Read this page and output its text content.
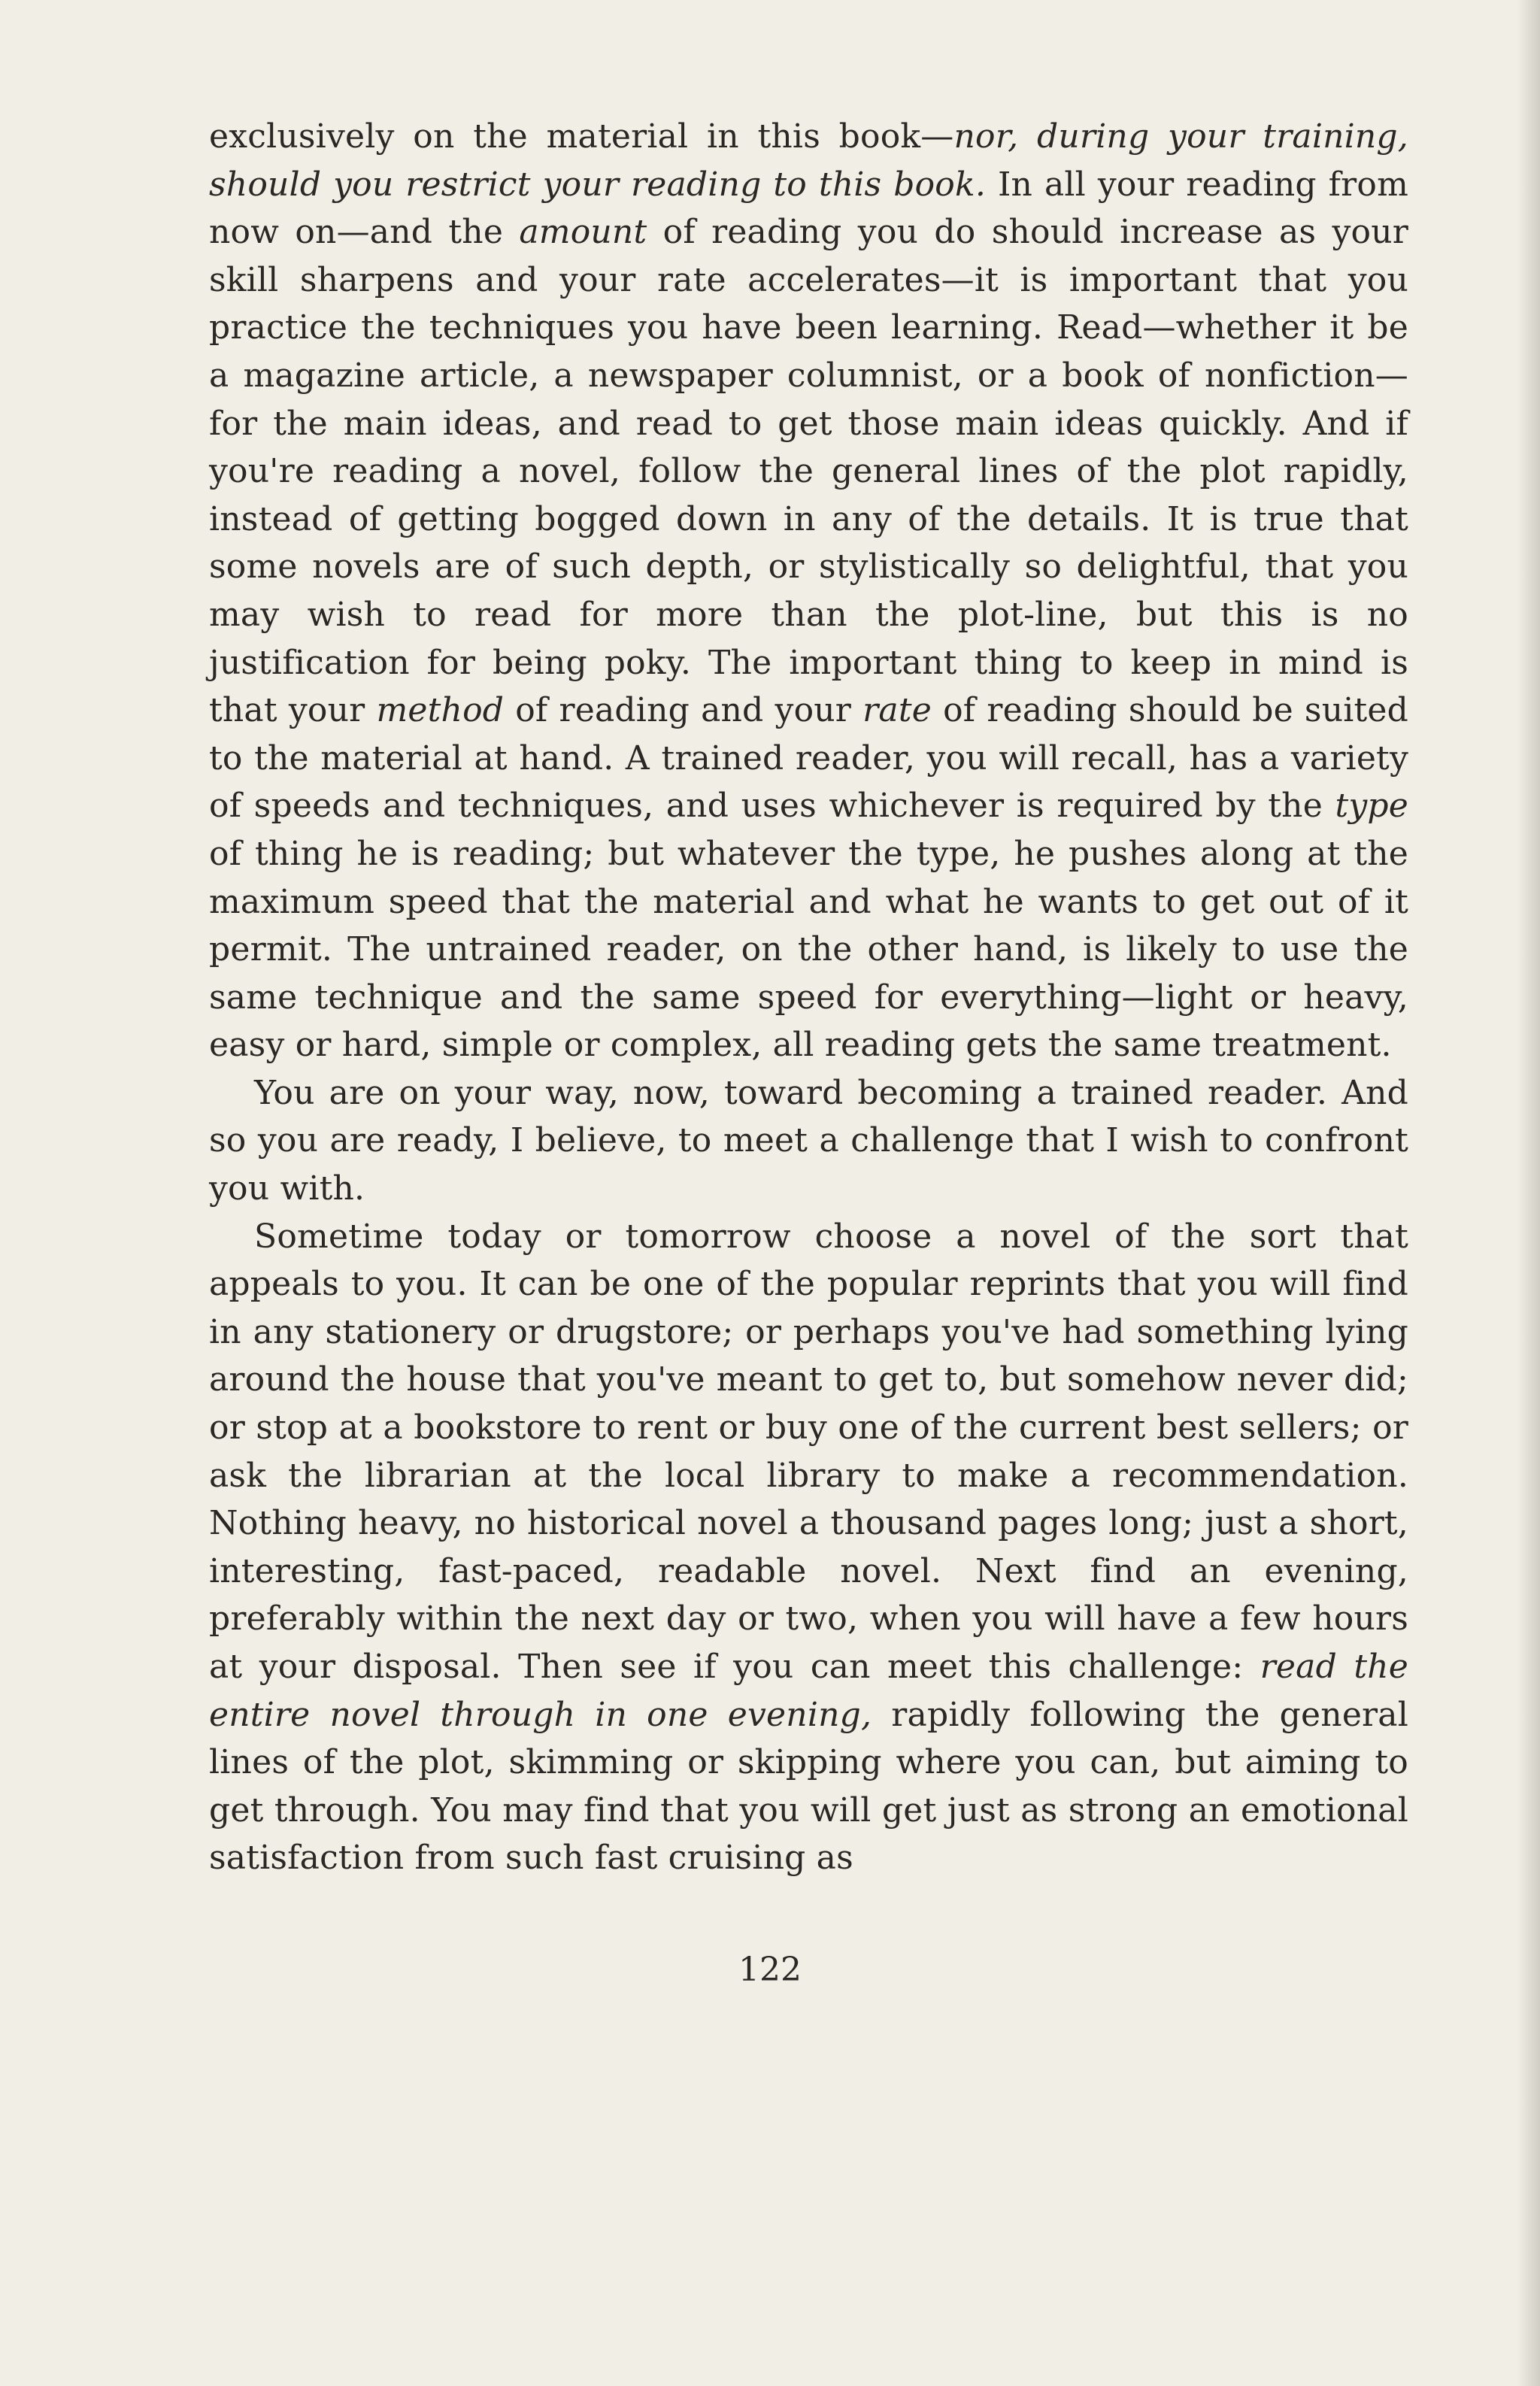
exclusively on the material in this book—nor, during your training, should you restrict your reading to this book. In all your reading from now on—and the amount of reading you do should increase as your skill sharpens and your rate accelerates—it is important that you practice the techniques you have been learning. Read—whether it be a magazine article, a newspaper columnist, or a book of nonfiction—for the main ideas, and read to get those main ideas quickly. And if you're reading a novel, follow the general lines of the plot rapidly, instead of getting bogged down in any of the details. It is true that some novels are of such depth, or stylistically so delightful, that you may wish to read for more than the plot-line, but this is no justification for being poky. The important thing to keep in mind is that your method of reading and your rate of reading should be suited to the material at hand. A trained reader, you will recall, has a variety of speeds and techniques, and uses whichever is required by the type of thing he is reading; but whatever the type, he pushes along at the maximum speed that the material and what he wants to get out of it permit. The untrained reader, on the other hand, is likely to use the same technique and the same speed for everything—light or heavy, easy or hard, simple or complex, all reading gets the same treatment.

You are on your way, now, toward becoming a trained reader. And so you are ready, I believe, to meet a challenge that I wish to confront you with.

Sometime today or tomorrow choose a novel of the sort that appeals to you. It can be one of the popular reprints that you will find in any stationery or drugstore; or perhaps you've had something lying around the house that you've meant to get to, but somehow never did; or stop at a bookstore to rent or buy one of the current best sellers; or ask the librarian at the local library to make a recommendation. Nothing heavy, no historical novel a thousand pages long; just a short, interesting, fast-paced, readable novel. Next find an evening, preferably within the next day or two, when you will have a few hours at your disposal. Then see if you can meet this challenge: read the entire novel through in one evening, rapidly following the general lines of the plot, skimming or skipping where you can, but aiming to get through. You may find that you will get just as strong an emotional satisfaction from such fast cruising as

122
